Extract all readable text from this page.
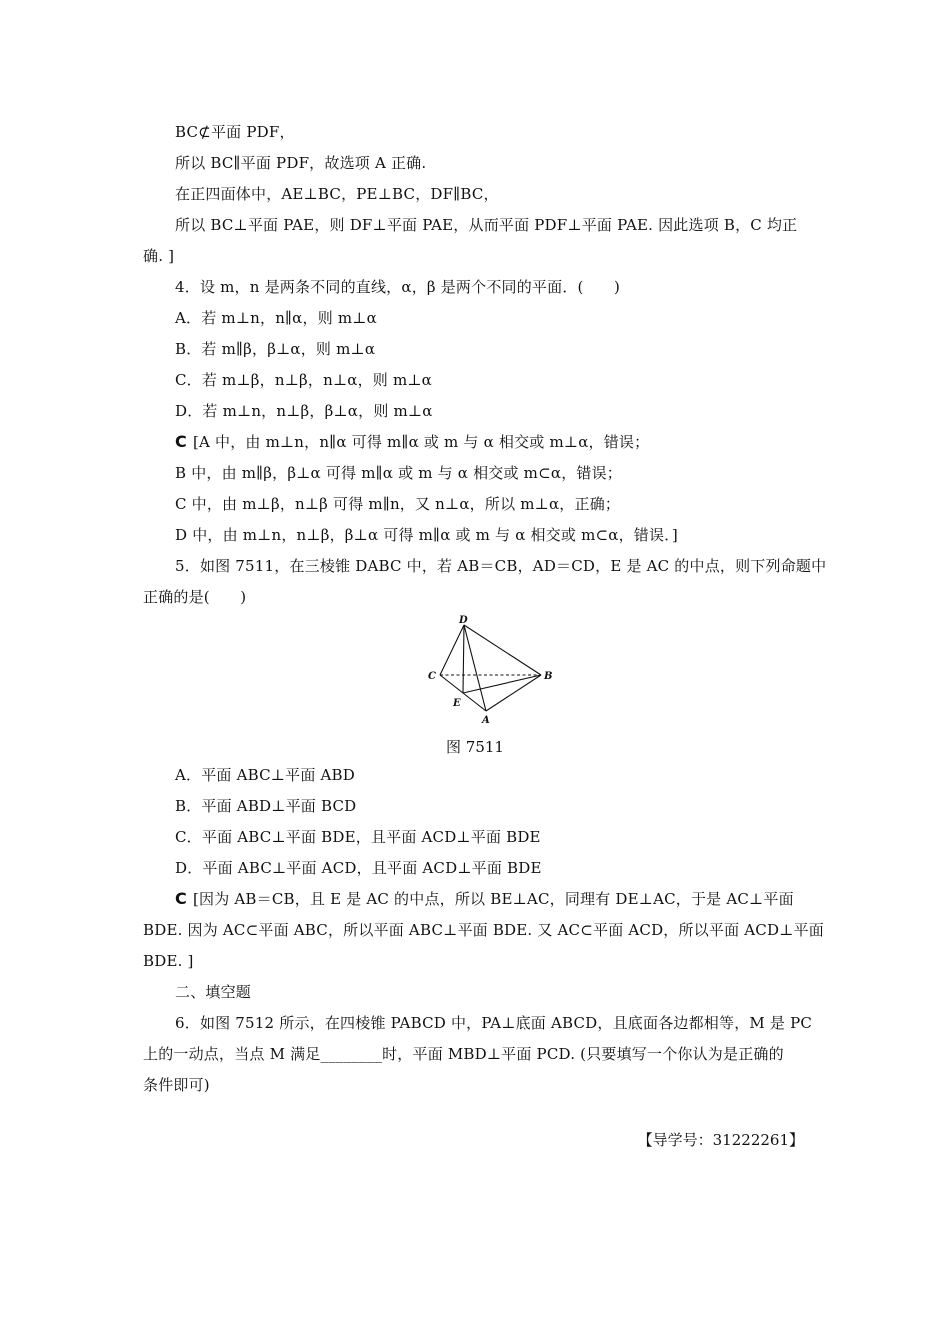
BC⊄平面 PDF，
所以 BC∥平面 PDF，故选项 A 正确.
在正四面体中，AE⊥BC，PE⊥BC，DF∥BC，
所以 BC⊥平面 PAE，则 DF⊥平面 PAE，从而平面 PDF⊥平面 PAE. 因此选项 B，C 均正
确. ]
4．设 m，n 是两条不同的直线，α，β 是两个不同的平面．(　　)
A．若 m⊥n，n∥α，则 m⊥α
B．若 m∥β，β⊥α，则 m⊥α
C．若 m⊥β，n⊥β，n⊥α，则 m⊥α
D．若 m⊥n，n⊥β，β⊥α，则 m⊥α
C [A 中，由 m⊥n，n∥α 可得 m∥α 或 m 与 α 相交或 m⊥α，错误；
B 中，由 m∥β，β⊥α 可得 m∥α 或 m 与 α 相交或 m⊂α，错误；
C 中，由 m⊥β，n⊥β 可得 m∥n，又 n⊥α，所以 m⊥α，正确；
D 中，由 m⊥n，n⊥β，β⊥α 可得 m∥α 或 m 与 α 相交或 m⊂α，错误．]
5．如图 7511，在三棱锥 DABC 中，若 AB＝CB，AD＝CD，E 是 AC 的中点，则下列命题中
正确的是(　　)
D
C	B
E
A
图 7511
A．平面 ABC⊥平面 ABD
B．平面 ABD⊥平面 BCD
C．平面 ABC⊥平面 BDE，且平面 ACD⊥平面 BDE
D．平面 ABC⊥平面 ACD，且平面 ACD⊥平面 BDE
C [因为 AB＝CB，且 E 是 AC 的中点，所以 BE⊥AC，同理有 DE⊥AC，于是 AC⊥平面
BDE. 因为 AC⊂平面 ABC，所以平面 ABC⊥平面 BDE. 又 AC⊂平面 ACD，所以平面 ACD⊥平面
BDE. ]
二、填空题
6．如图 7512 所示，在四棱锥 PABCD 中，PA⊥底面 ABCD，且底面各边都相等，M 是 PC
上的一动点，当点 M 满足________时，平面 MBD⊥平面 PCD. (只要填写一个你认为是正确的
条件即可)
【导学号：31222261】
